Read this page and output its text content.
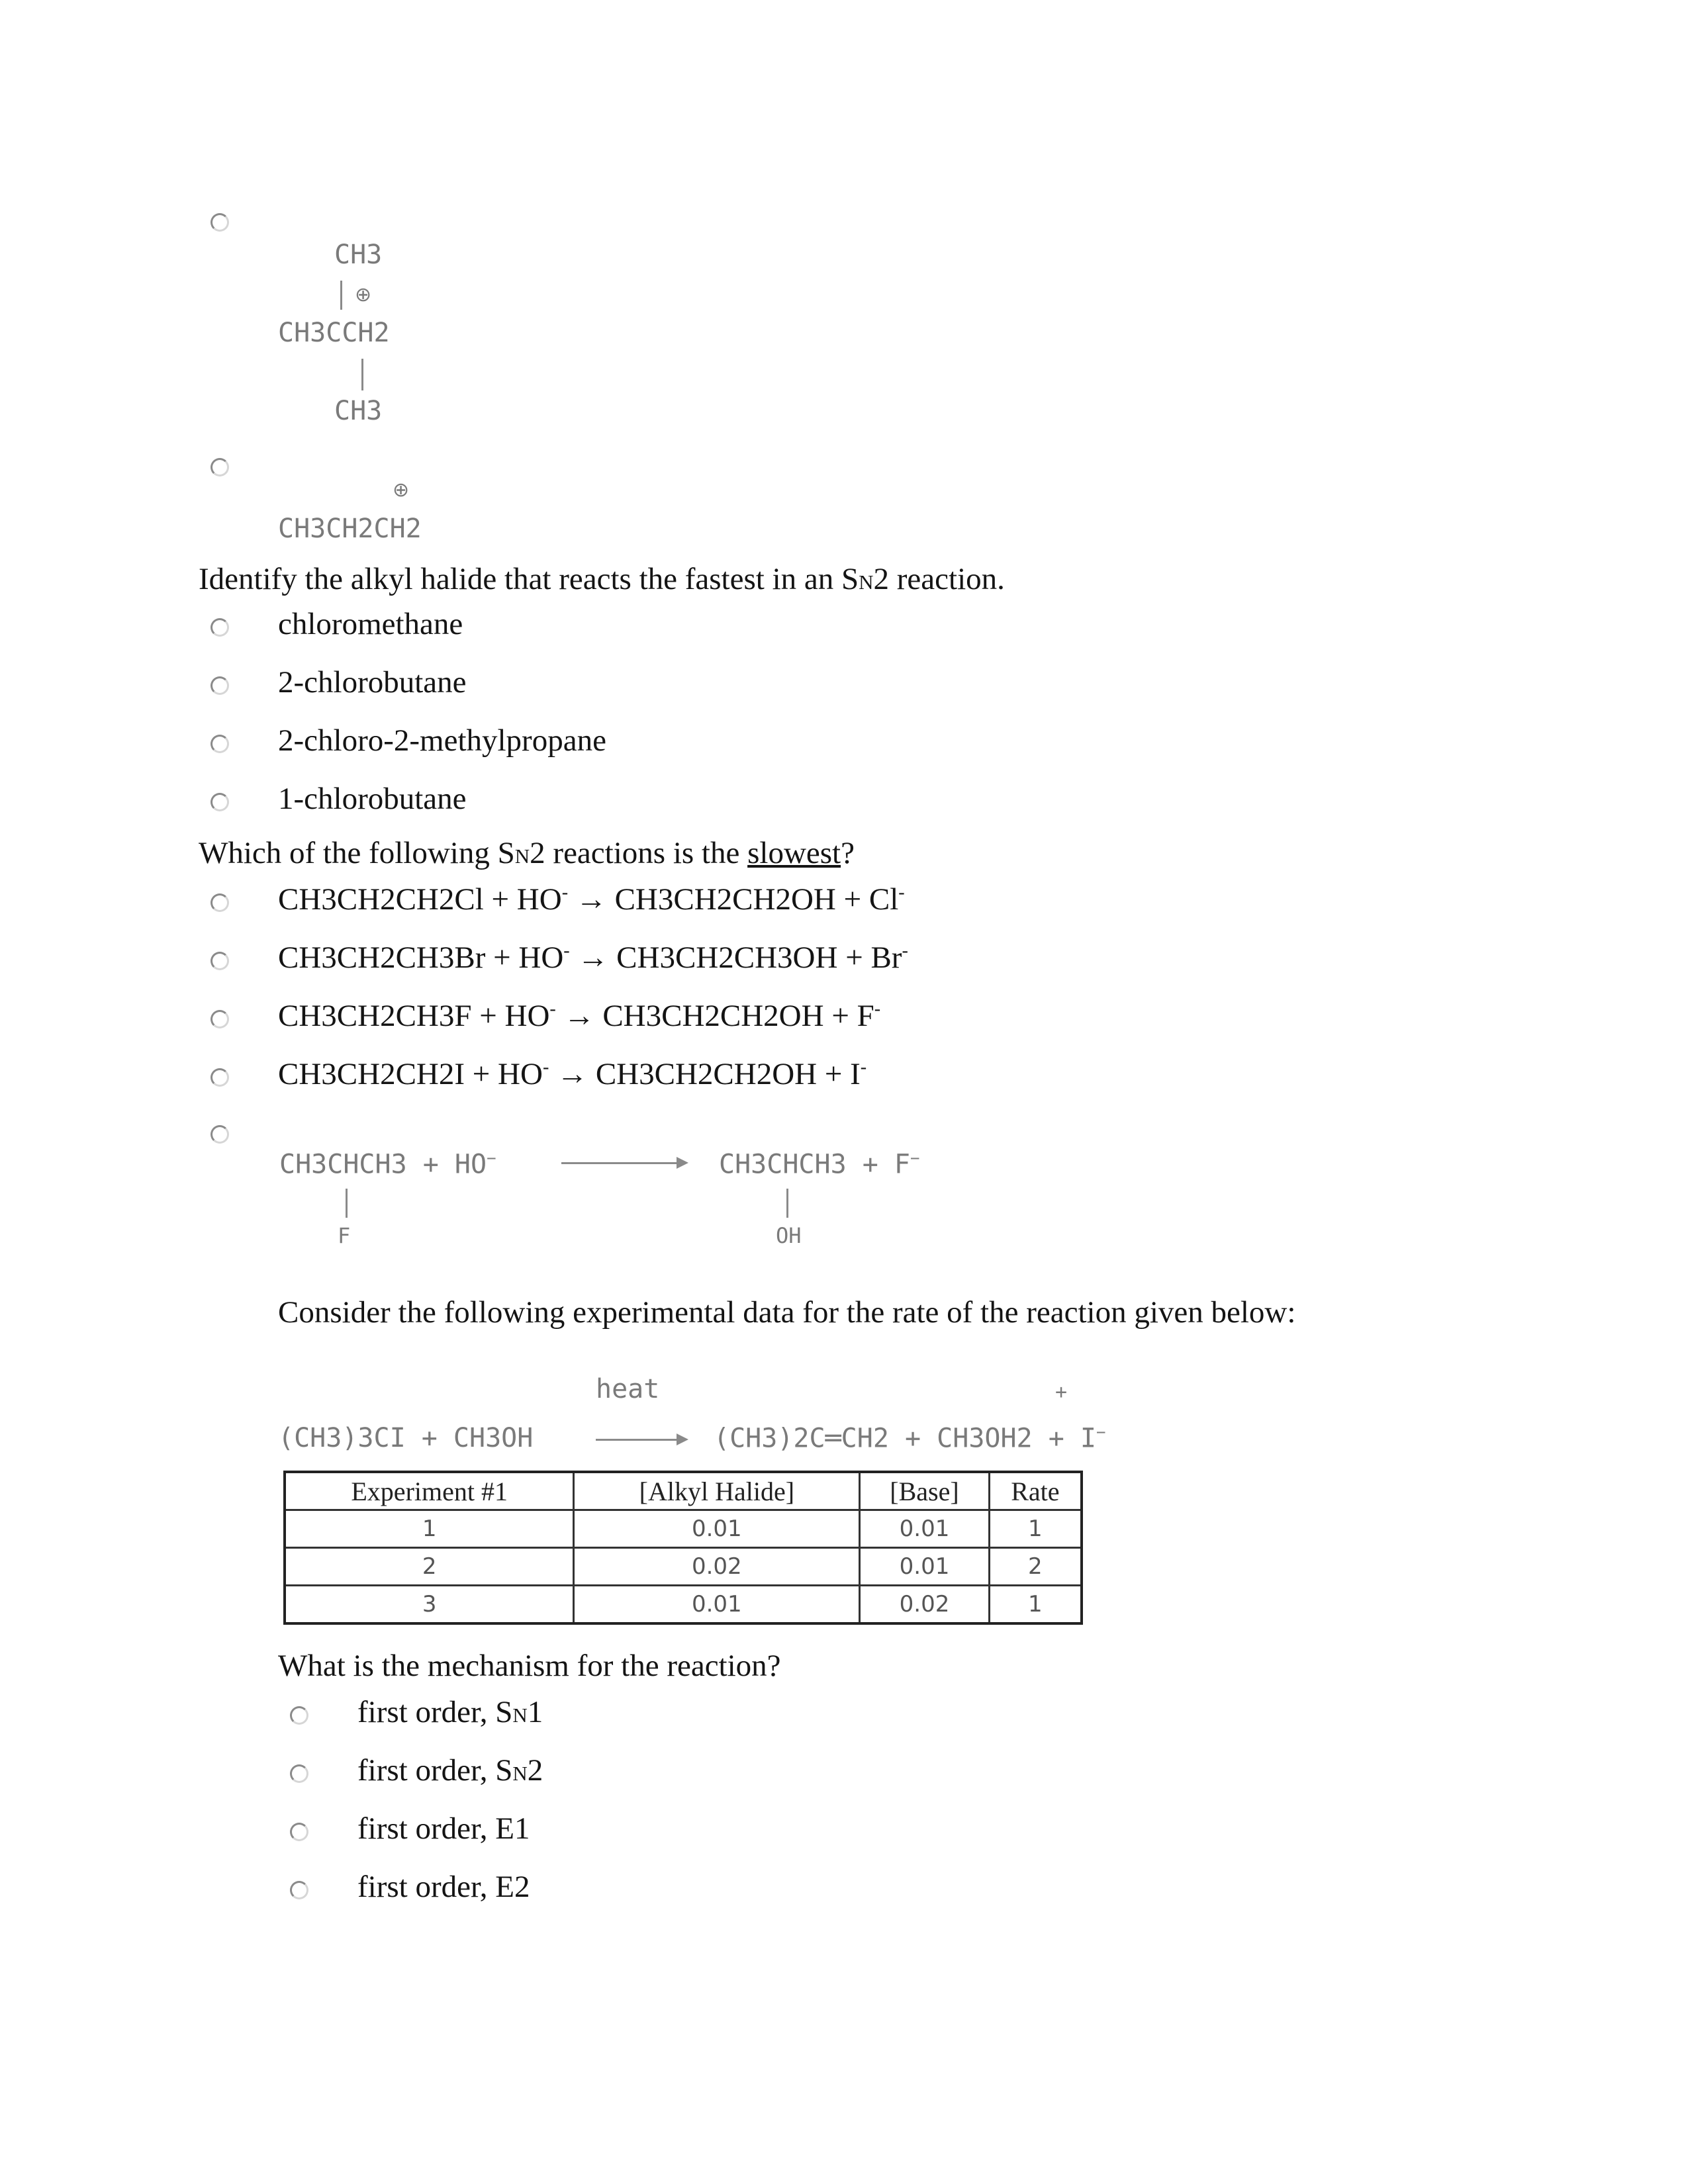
CH3
⊕
CH3CCH2
CH3
⊕
CH3CH2CH2
Identify the alkyl halide that reacts the fastest in an SN2 reaction.
chloromethane
2-chlorobutane
2-chloro-2-methylpropane
1-chlorobutane
Which of the following SN2 reactions is the slowest?
CH3CH2CH2Cl + HO- → CH3CH2CH2OH + Cl-
CH3CH2CH3Br + HO- → CH3CH2CH3OH + Br-
CH3CH2CH3F + HO- → CH3CH2CH2OH + F-
CH3CH2CH2I + HO- → CH3CH2CH2OH + I-
CH3CHCH3 + HO−	CH3CHCH3 + F−
F	OH
Consider the following experimental data for the rate of the reaction given below:
heat	+
(CH3)3CI + CH3OH	(CH3)2C═CH2 + CH3OH2 + I−
Experiment #1	[Alkyl Halide]	[Base]	Rate
1	0.01	0.01	1
2	0.02	0.01	2
3	0.01	0.02	1
What is the mechanism for the reaction?
first order, SN1
first order, SN2
first order, E1
first order, E2
